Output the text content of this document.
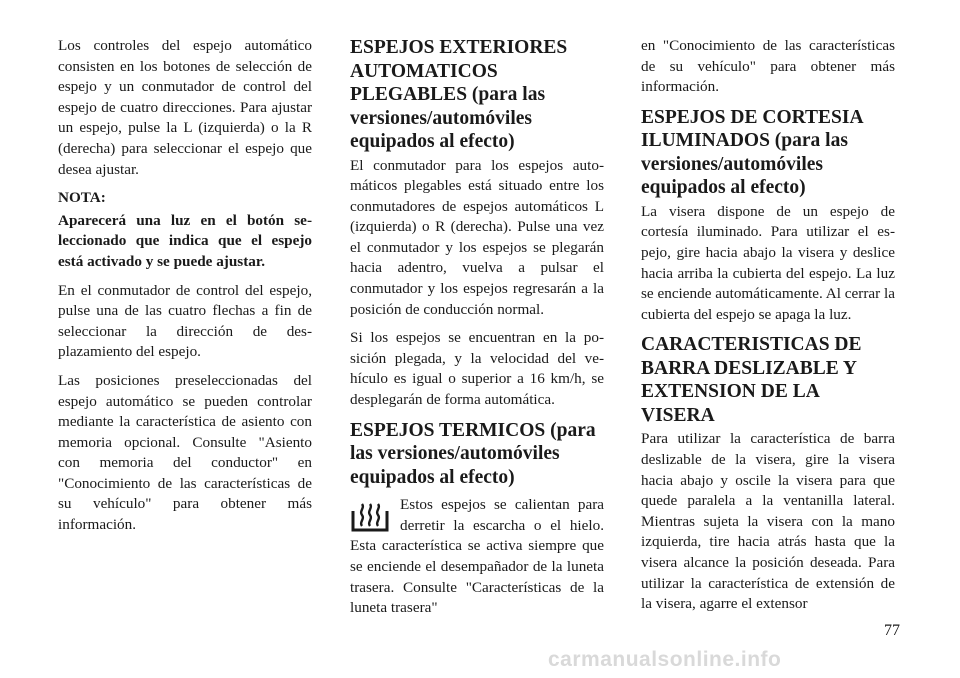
Los controles del espejo automático consisten en los botones de selección de espejo y un conmutador de control del espejo de cuatro direcciones. Para ajustar un espejo, pulse la L (izquierda) o la R (derecha) para seleccionar el espejo que desea ajustar.

NOTA:

Aparecerá una luz en el botón seleccionado que indica que el espejo está activado y se puede ajustar.

En el conmutador de control del espejo, pulse una de las cuatro flechas a fin de seleccionar la dirección de desplazamiento del espejo.

Las posiciones preseleccionadas del espejo automático se pueden controlar mediante la característica de asiento con memoria opcional. Consulte "Asiento con memoria del conductor" en "Conocimiento de las características de su vehículo" para obtener más información.

ESPEJOS EXTERIORES AUTOMATICOS PLEGABLES (para las versiones/automóviles equipados al efecto)

El conmutador para los espejos automáticos plegables está situado entre los conmutadores de espejos automáticos L (izquierda) o R (derecha). Pulse una vez el conmutador y los espejos se plegarán hacia adentro, vuelva a pulsar el conmutador y los espejos regresarán a la posición de conducción normal.

Si los espejos se encuentran en la posición plegada, y la velocidad del vehículo es igual o superior a 16 km/h, se desplegarán de forma automática.

ESPEJOS TERMICOS (para las versiones/automóviles equipados al efecto)

Estos espejos se calientan para derretir la escarcha o el hielo. Esta característica se activa siempre que se enciende el desempañador de la luneta trasera. Consulte "Características de la luneta trasera"

en "Conocimiento de las características de su vehículo" para obtener más información.

ESPEJOS DE CORTESIA ILUMINADOS (para las versiones/automóviles equipados al efecto)

La visera dispone de un espejo de cortesía iluminado. Para utilizar el espejo, gire hacia abajo la visera y deslice hacia arriba la cubierta del espejo. La luz se enciende automáticamente. Al cerrar la cubierta del espejo se apaga la luz.

CARACTERISTICAS DE BARRA DESLIZABLE Y EXTENSION DE LA VISERA

Para utilizar la característica de barra deslizable de la visera, gire la visera hacia abajo y oscile la visera para que quede paralela a la ventanilla lateral. Mientras sujeta la visera con la mano izquierda, tire hacia atrás hasta que la visera alcance la posición deseada. Para utilizar la característica de extensión de la visera, agarre el extensor

77
carmanualsonline.info
